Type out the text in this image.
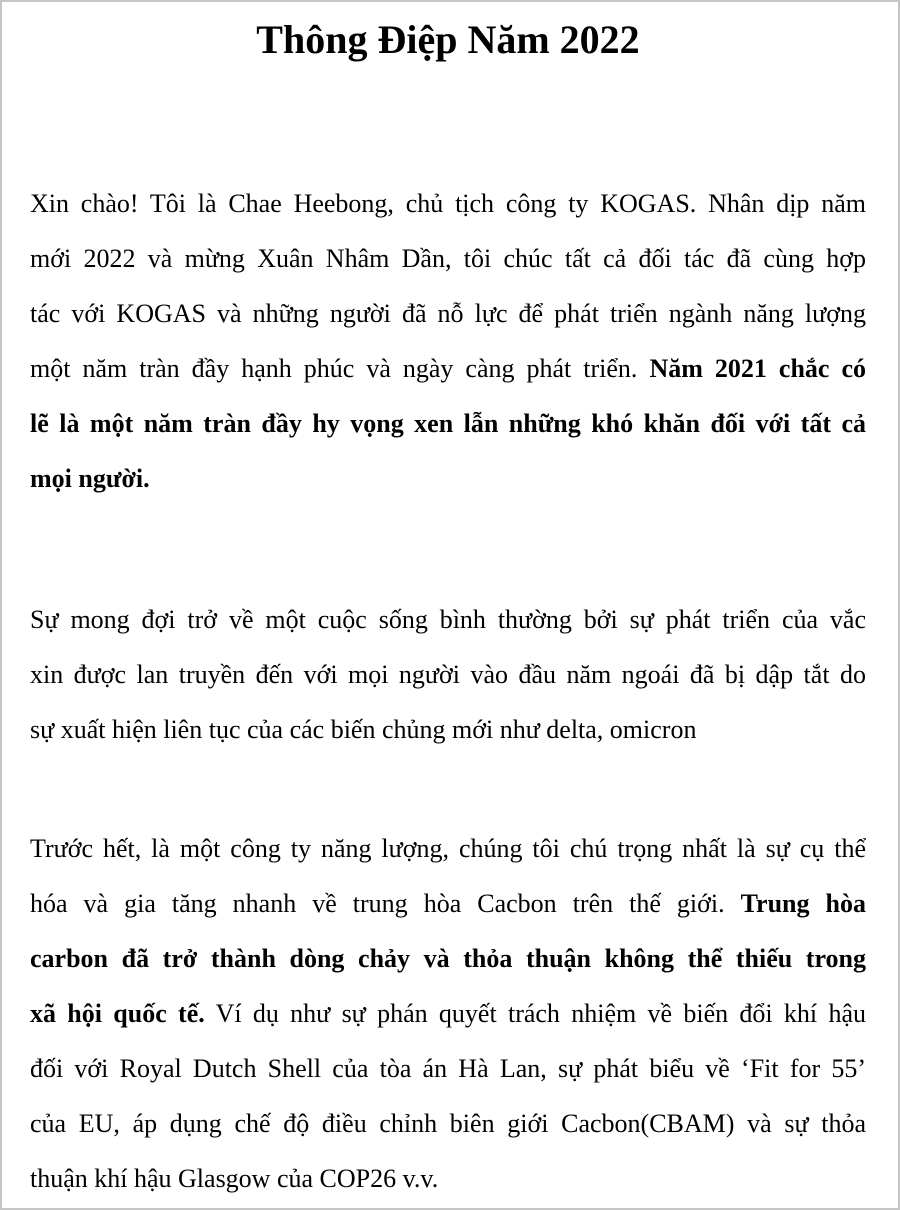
Thông Điệp Năm 2022
Xin chào! Tôi là Chae Heebong, chủ tịch công ty KOGAS. Nhân dịp năm
mới 2022 và mừng Xuân Nhâm Dần, tôi chúc tất cả đối tác đã cùng hợp
tác với KOGAS và những người đã nỗ lực để phát triển ngành năng lượng
một năm tràn đầy hạnh phúc và ngày càng phát triển. Năm 2021 chắc có
lẽ là một năm tràn đầy hy vọng xen lẫn những khó khăn đối với tất cả
mọi người.
Sự mong đợi trở về một cuộc sống bình thường bởi sự phát triển của vắc
xin được lan truyền đến với mọi người vào đầu năm ngoái đã bị dập tắt do
sự xuất hiện liên tục của các biến chủng mới như delta, omicron
Trước hết, là một công ty năng lượng, chúng tôi chú trọng nhất là sự cụ thể
hóa và gia tăng nhanh về trung hòa Cacbon trên thế giới. Trung hòa
carbon đã trở thành dòng chảy và thỏa thuận không thể thiếu trong
xã hội quốc tế. Ví dụ như sự phán quyết trách nhiệm về biến đổi khí hậu
đối với Royal Dutch Shell của tòa án Hà Lan, sự phát biểu về ‘Fit for 55’
của EU, áp dụng chế độ điều chỉnh biên giới Cacbon(CBAM) và sự thỏa
thuận khí hậu Glasgow của COP26 v.v.
